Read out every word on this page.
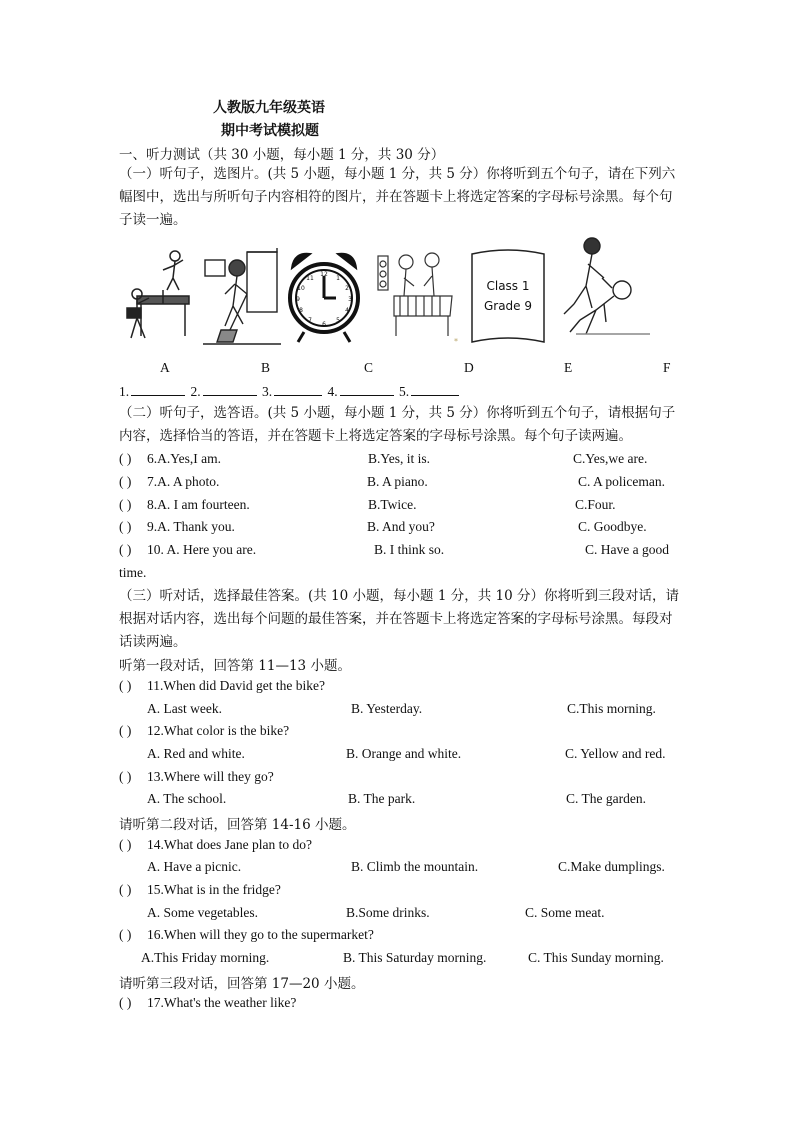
人教版九年级英语
期中考试模拟题
一、听力测试（共 30 小题，每小题 1 分，共 30 分）
（一）听句子，选图片。(共 5 小题，每小题 1 分，共 5 分）你将听到五个句子，请在下列六幅图中，选出与所听句子内容相符的图片，并在答题卡上将选定答案的字母标号涂黑。每个句子读一遍。
A	B
12
1
2
3
4
5
6
7
8
9
10
11
C
*
D
Class 1
Grade 9
E	F
1.	2.	3.	4.	5.
（二）听句子，选答语。(共 5 小题，每小题 1 分，共 5 分）你将听到五个句子，请根据句子内容，选择恰当的答语，并在答题卡上将选定答案的字母标号涂黑。每个句子读两遍。
( ) 6.A.Yes,I am.	B.Yes, it is.	C.Yes,we are.
( ) 7.A. A photo.	B. A piano.	C. A policeman.
( ) 8.A. I am fourteen.	B.Twice.	C.Four.
( ) 9.A. Thank you.	B. And you?	C. Goodbye.
( ) 10. A. Here you are.	B. I think so.	C. Have a good
time.
（三）听对话，选择最佳答案。(共 10 小题，每小题 1 分，共 10 分）你将听到三段对话，请根据对话内容，选出每个问题的最佳答案，并在答题卡上将选定答案的字母标号涂黑。每段对话读两遍。
听第一段对话，回答第 11—13 小题。
( ) 11.When did David get the bike?
A. Last week.	B. Yesterday.	C.This morning.
( ) 12.What color is the bike?
A. Red and white.	B. Orange and white.	C. Yellow and red.
( ) 13.Where will they go?
A. The school.	B. The park.	C. The garden.
请听第二段对话，回答第 14-16 小题。
( ) 14.What does Jane plan to do?
A. Have a picnic.	B. Climb the mountain.	C.Make dumplings.
( ) 15.What is in the fridge?
A. Some vegetables.	B.Some drinks.	C. Some meat.
( ) 16.When will they go to the supermarket?
A.This Friday morning.	B. This Saturday morning.	C. This Sunday morning.
请听第三段对话，回答第 17—20 小题。
( ) 17.What's the weather like?
